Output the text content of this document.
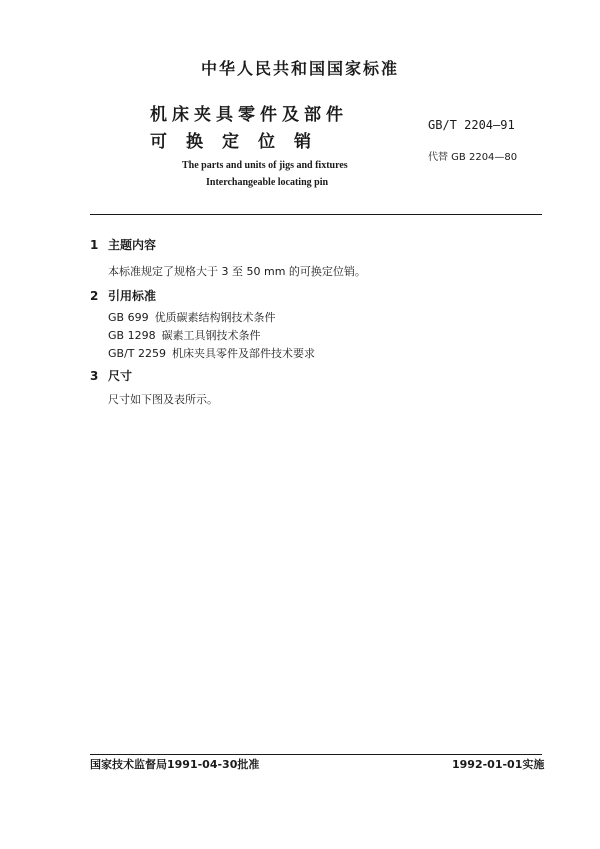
中华人民共和国国家标准
机床夹具零件及部件
可换定位销
GB/T 2204—91
代替 GB 2204—80
The parts and units of jigs and fixtures
Interchangeable locating pin
1 主题内容
本标准规定了规格大于 3 至 50 mm 的可换定位销。
2 引用标准
GB 699 优质碳素结构钢技术条件
GB 1298 碳素工具钢技术条件
GB/T 2259 机床夹具零件及部件技术要求
3 尺寸
尺寸如下图及表所示。
国家技术监督局1991-04-30批准	1992-01-01实施
